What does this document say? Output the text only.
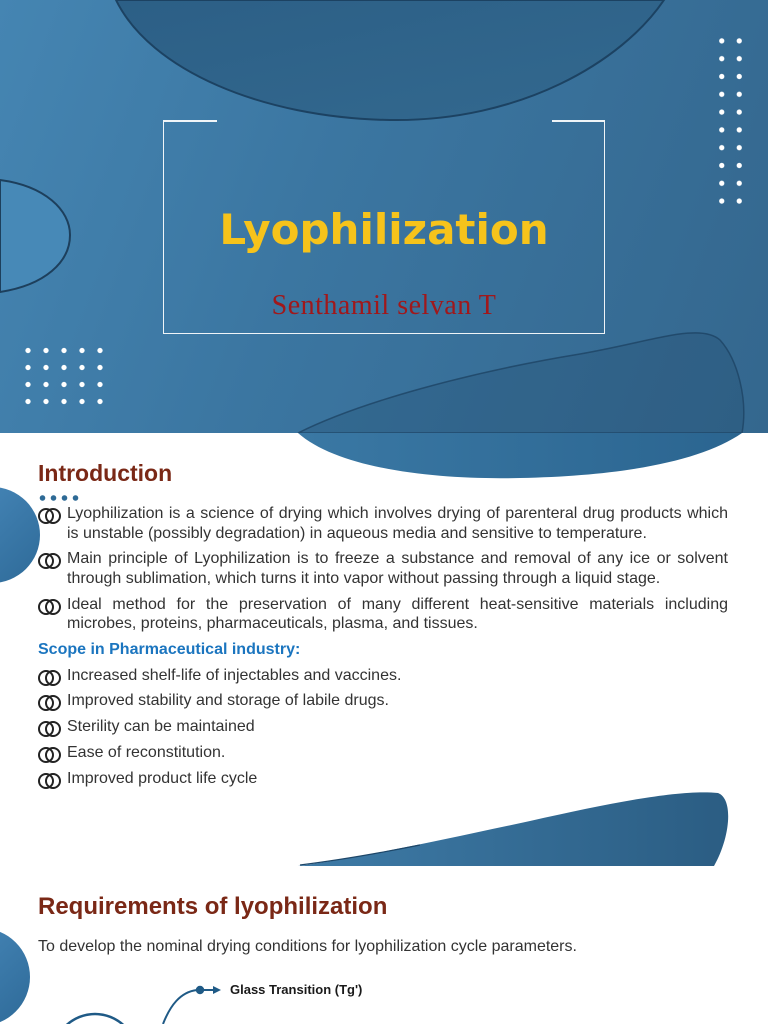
Lyophilization
Senthamil selvan T
Introduction
Lyophilization is a science of drying which involves drying of parenteral drug products which is unstable (possibly degradation) in aqueous media and sensitive to temperature.
Main principle of Lyophilization is to freeze a substance and removal of any ice or solvent through sublimation, which turns it into vapor without passing through a liquid stage.
Ideal method for the preservation of many different heat-sensitive materials including microbes, proteins, pharmaceuticals, plasma, and tissues.

Scope in Pharmaceutical industry:

Increased shelf-life of injectables and vaccines.
Improved stability and storage of labile drugs.
Sterility can be maintained
Ease of reconstitution.
Improved product life cycle
Requirements of lyophilization

To develop the nominal drying conditions for lyophilization cycle parameters.

Glass Transition (Tg')
